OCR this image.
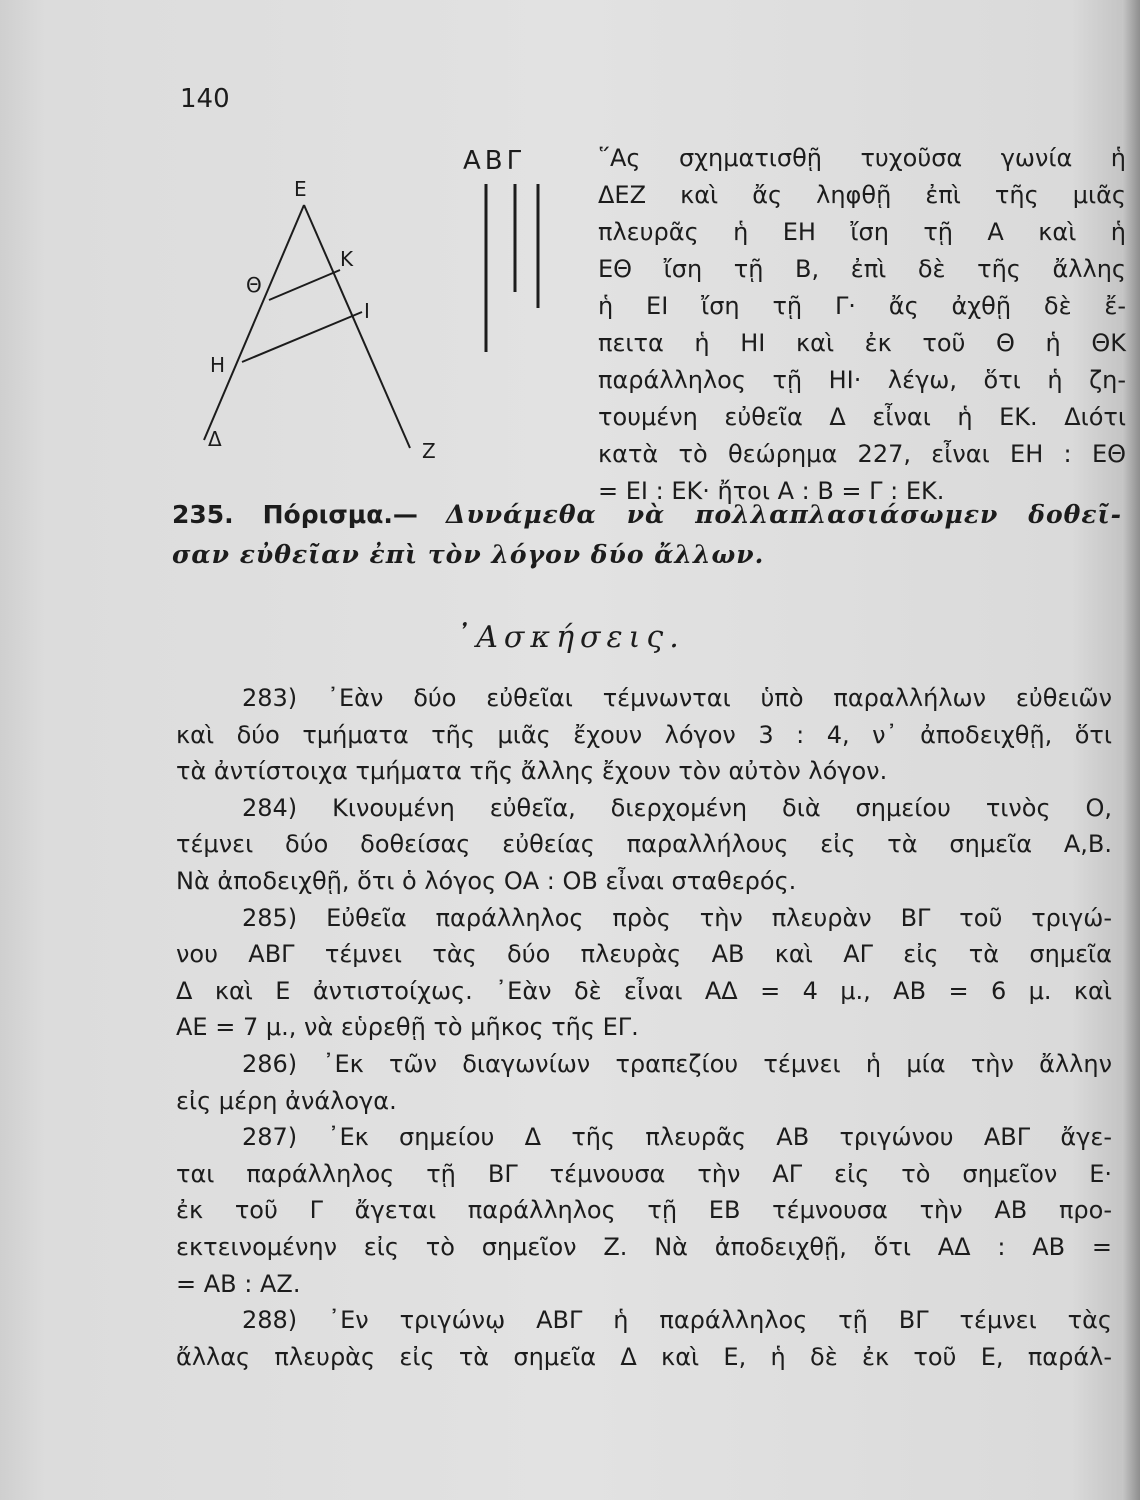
140
Ε
Κ
Θ
Ι
Η
Δ	Ζ
ΑΒΓ	῞Ας σχηματισθῇ τυχοῦσα γωνία ἡ
ΔΕΖ καὶ ἄς ληφθῇ ἐπὶ τῆς μιᾶς
πλευρᾶς ἡ ΕΗ ἴση τῇ Α καὶ ἡ
ΕΘ ἴση τῇ Β, ἐπὶ δὲ τῆς ἄλλης
ἡ ΕΙ ἴση τῇ Γ· ἄς ἀχθῇ δὲ ἔ-
πειτα ἡ ΗΙ καὶ ἐκ τοῦ Θ ἡ ΘΚ
παράλληλος τῇ ΗΙ· λέγω, ὅτι ἡ ζη-
τουμένη εὐθεῖα Δ εἶναι ἡ ΕΚ. Διότι
κατὰ τὸ θεώρημα 227, εἶναι ΕΗ : ΕΘ
= ΕΙ : ΕΚ· ἤτοι Α : Β = Γ : ΕΚ.
235. Πόρισμα.— Δυνάμεθα νὰ πολλαπλασιάσωμεν δοθεῖ-
σαν εὐθεῖαν ἐπὶ τὸν λόγον δύο ἄλλων.
᾿Ασκήσεις.
283) ᾿Εὰν δύο εὐθεῖαι τέμνωνται ὑπὸ παραλλήλων εὐθειῶν
καὶ δύο τμήματα τῆς μιᾶς ἔχουν λόγον 3 : 4, ν᾿ ἀποδειχθῇ, ὅτι
τὰ ἀντίστοιχα τμήματα τῆς ἄλλης ἔχουν τὸν αὐτὸν λόγον.
284) Κινουμένη εὐθεῖα, διερχομένη διὰ σημείου τινὸς Ο,
τέμνει δύο δοθείσας εὐθείας παραλλήλους εἰς τὰ σημεῖα Α,Β.
Νὰ ἀποδειχθῇ, ὅτι ὁ λόγος ΟΑ : ΟΒ εἶναι σταθερός.
285) Εὐθεῖα παράλληλος πρὸς τὴν πλευρὰν ΒΓ τοῦ τριγώ-
νου ΑΒΓ τέμνει τὰς δύο πλευρὰς ΑΒ καὶ ΑΓ εἰς τὰ σημεῖα
Δ καὶ Ε ἀντιστοίχως. ᾿Εὰν δὲ εἶναι ΑΔ = 4 μ., ΑΒ = 6 μ. καὶ
ΑΕ = 7 μ., νὰ εὑρεθῇ τὸ μῆκος τῆς ΕΓ.
286) ᾿Εκ τῶν διαγωνίων τραπεζίου τέμνει ἡ μία τὴν ἄλλην
εἰς μέρη ἀνάλογα.
287) ᾿Εκ σημείου Δ τῆς πλευρᾶς ΑΒ τριγώνου ΑΒΓ ἄγε-
ται παράλληλος τῇ ΒΓ τέμνουσα τὴν ΑΓ εἰς τὸ σημεῖον Ε·
ἐκ τοῦ Γ ἄγεται παράλληλος τῇ ΕΒ τέμνουσα τὴν ΑΒ προ-
εκτεινομένην εἰς τὸ σημεῖον Ζ. Νὰ ἀποδειχθῇ, ὅτι ΑΔ : ΑΒ =
= ΑΒ : ΑΖ.
288) ᾿Εν τριγώνῳ ΑΒΓ ἡ παράλληλος τῇ ΒΓ τέμνει τὰς
ἄλλας πλευρὰς εἰς τὰ σημεῖα Δ καὶ Ε, ἡ δὲ ἐκ τοῦ Ε, παράλ-
